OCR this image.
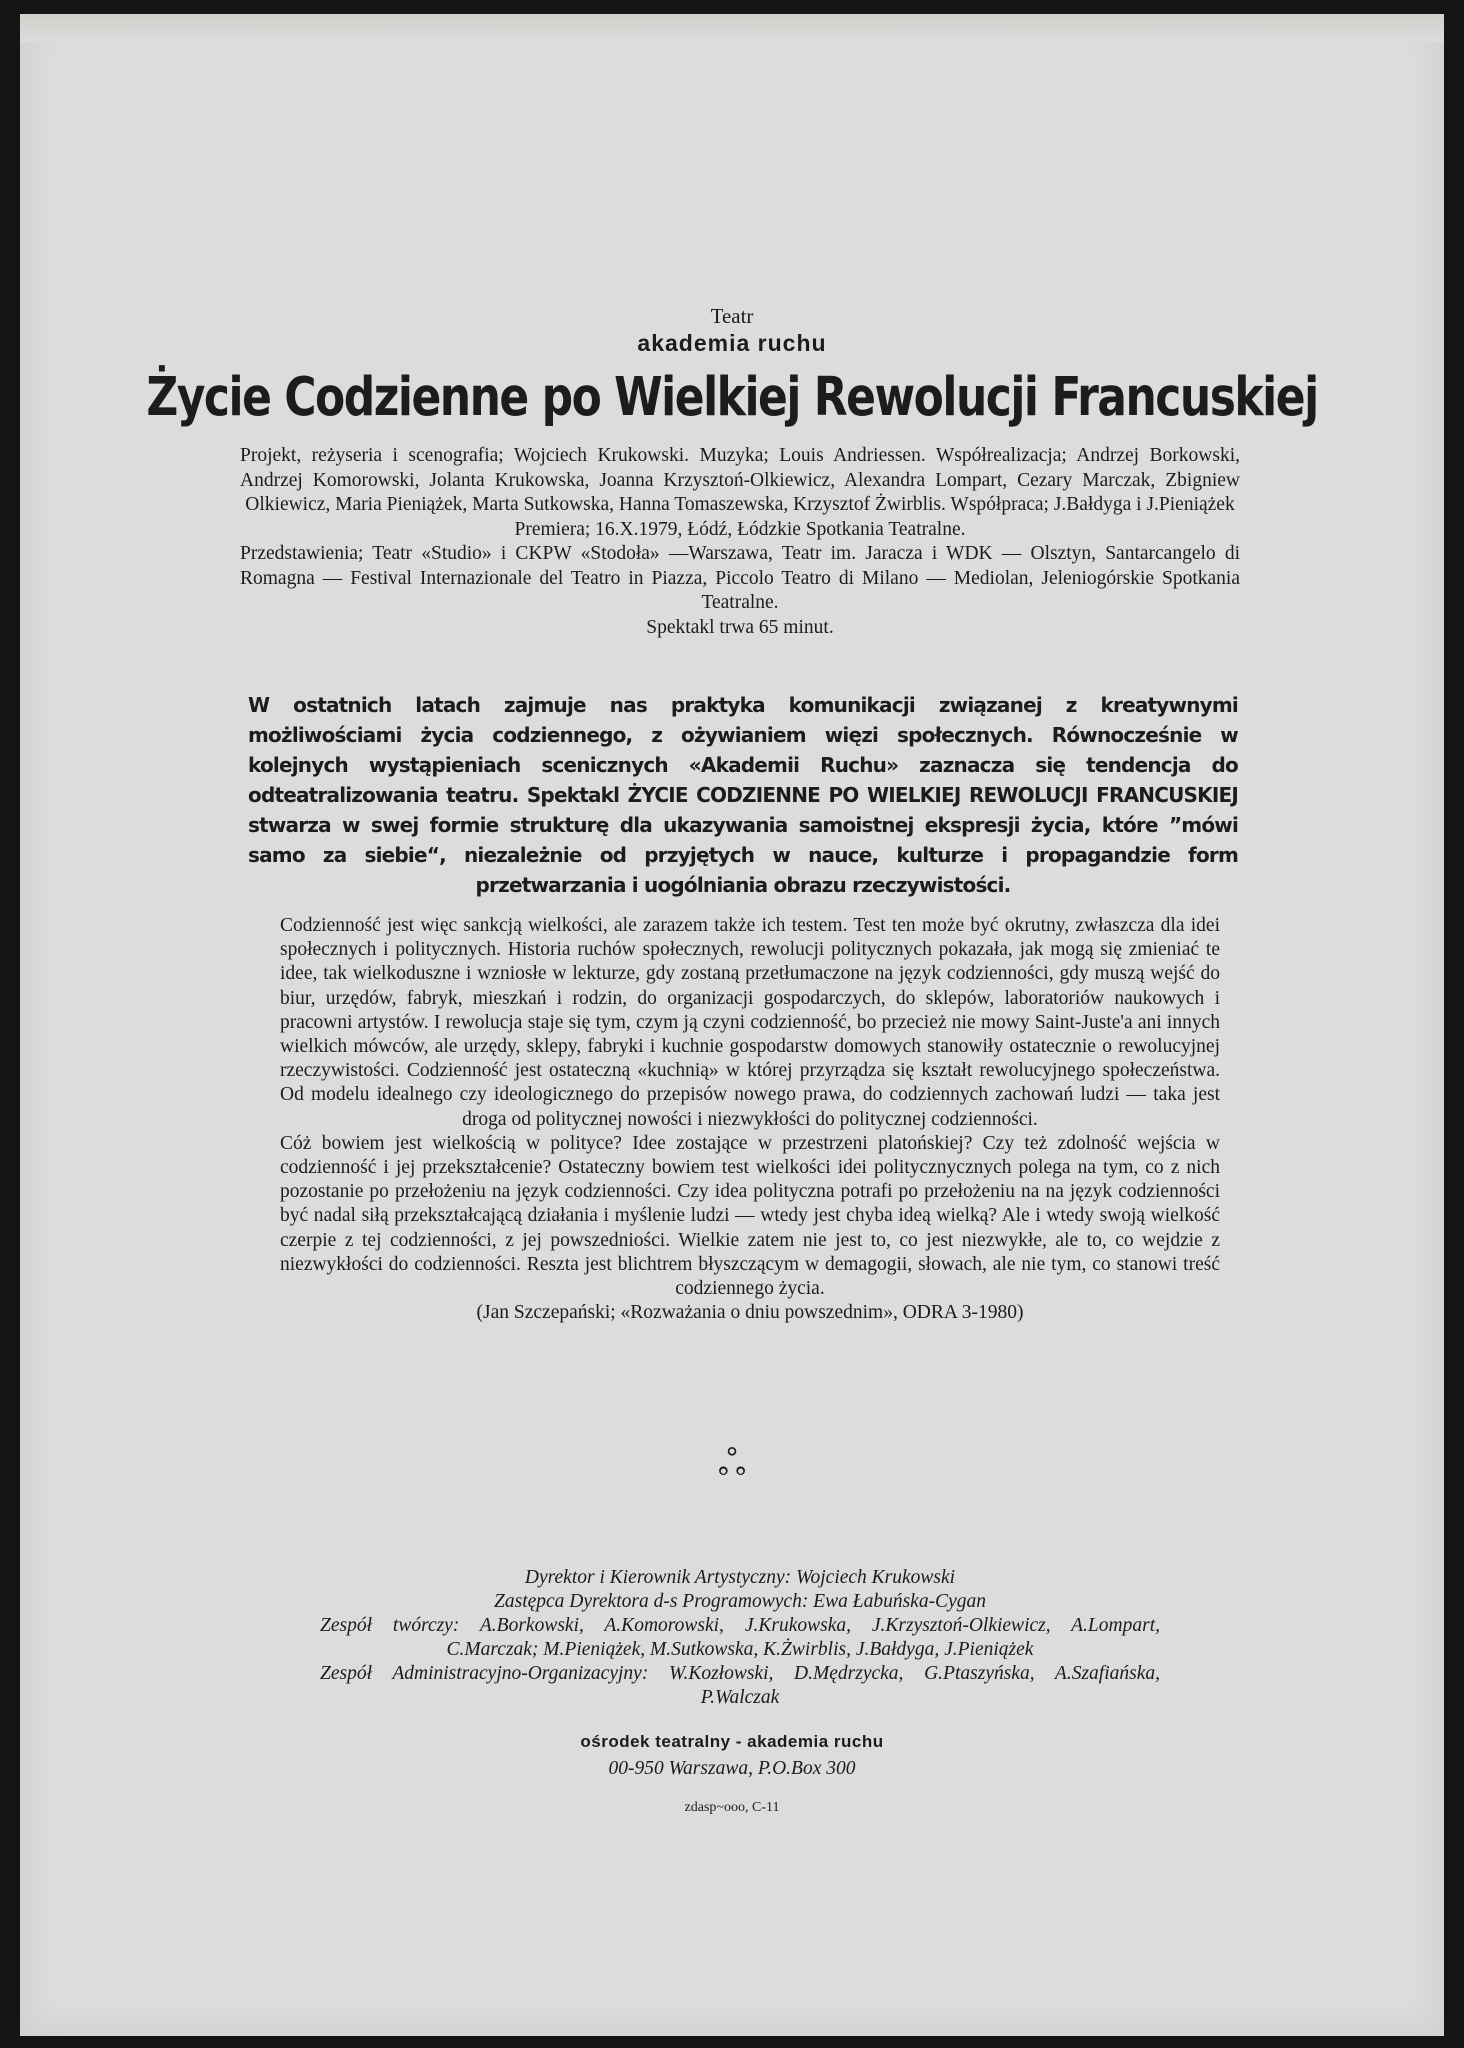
Teatr
akademia ruchu
Życie Codzienne po Wielkiej Rewolucji Francuskiej

Projekt, reżyseria i scenografia; Wojciech Krukowski. Muzyka; Louis Andriessen. Współrealizacja; Andrzej Borkowski, Andrzej Komorowski, Jolanta Krukowska, Joanna Krzysztoń-Olkiewicz, Alexandra Lompart, Cezary Marczak, Zbigniew Olkiewicz, Maria Pieniążek, Marta Sutkowska, Hanna Tomaszewska, Krzysztof Żwirblis. Współpraca; J.Bałdyga i J.Pieniążek

Premiera; 16.X.1979, Łódź, Łódzkie Spotkania Teatralne.

Przedstawienia; Teatr «Studio» i CKPW «Stodoła» —Warszawa, Teatr im. Jaracza i WDK — Olsztyn, Santarcangelo di Romagna — Festival Internazionale del Teatro in Piazza, Piccolo Teatro di Milano — Mediolan, Jeleniogórskie Spotkania Teatralne.

Spektakl trwa 65 minut.

W ostatnich latach zajmuje nas praktyka komunikacji związanej z kreatywnymi możliwościami życia codziennego, z ożywianiem więzi społecznych. Równocześnie w kolejnych wystąpieniach scenicznych «Akademii Ruchu» zaznacza się tendencja do odteatralizowania teatru. Spektakl ŻYCIE CODZIENNE PO WIELKIEJ REWOLUCJI FRANCUSKIEJ stwarza w swej formie strukturę dla ukazywania samoistnej ekspresji życia, które ”mówi samo za siebie“, niezależnie od przyjętych w nauce, kulturze i propagandzie form przetwarzania i uogólniania obrazu rzeczywistości.

Codzienność jest więc sankcją wielkości, ale zarazem także ich testem. Test ten może być okrutny, zwłaszcza dla idei społecznych i politycznych. Historia ruchów społecznych, rewolucji politycznych pokazała, jak mogą się zmieniać te idee, tak wielkoduszne i wzniosłe w lekturze, gdy zostaną przetłumaczone na język codzienności, gdy muszą wejść do biur, urzędów, fabryk, mieszkań i rodzin, do organizacji gospodarczych, do sklepów, laboratoriów naukowych i pracowni artystów. I rewolucja staje się tym, czym ją czyni codzienność, bo przecież nie mowy Saint-Juste'a ani innych wielkich mówców, ale urzędy, sklepy, fabryki i kuchnie gospodarstw domowych stanowiły ostatecznie o rewolucyjnej rzeczywistości. Codzienność jest ostateczną «kuchnią» w której przyrządza się kształt rewolucyjnego społeczeństwa. Od modelu idealnego czy ideologicznego do przepisów nowego prawa, do codziennych zachowań ludzi — taka jest droga od politycznej nowości i niezwykłości do politycznej codzienności.

Cóż bowiem jest wielkością w polityce? Idee zostające w przestrzeni platońskiej? Czy też zdolność wejścia w codzienność i jej przekształcenie? Ostateczny bowiem test wielkości idei politycznycznych polega na tym, co z nich pozostanie po przełożeniu na język codzienności. Czy idea polityczna potrafi po przełożeniu na na język codzienności być nadal siłą przekształcającą działania i myślenie ludzi — wtedy jest chyba ideą wielką? Ale i wtedy swoją wielkość czerpie z tej codzienności, z jej powszedniości. Wielkie zatem nie jest to, co jest niezwykłe, ale to, co wejdzie z niezwykłości do codzienności. Reszta jest blichtrem błyszczącym w demagogii, słowach, ale nie tym, co stanowi treść codziennego życia.

(Jan Szczepański; «Rozważania o dniu powszednim», ODRA 3-1980)

ஃ

Dyrektor i Kierownik Artystyczny: Wojciech Krukowski

Zastępca Dyrektora d-s Programowych: Ewa Łabuńska-Cygan

Zespół twórczy: A.Borkowski, A.Komorowski, J.Krukowska, J.Krzysztoń-Olkiewicz, A.Lompart, C.Marczak; M.Pieniążek, M.Sutkowska, K.Żwirblis, J.Bałdyga, J.Pieniążek

Zespół Administracyjno-Organizacyjny: W.Kozłowski, D.Mędrzycka, G.Ptaszyńska, A.Szafiańska, P.Walczak

ośrodek teatralny - akademia ruchu
00-950 Warszawa, P.O.Box 300
zdasp~ooo, C-11
